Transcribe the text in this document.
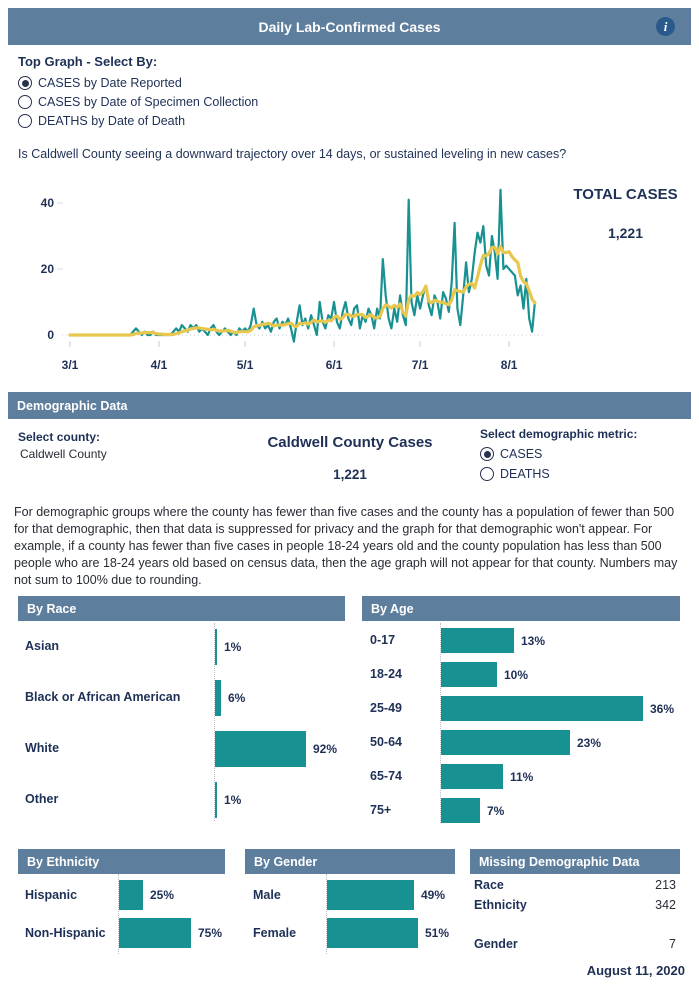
Daily Lab-Confirmed Cases	i
Top Graph - Select By:
CASES by Date Reported
CASES by Date of Specimen Collection
DEATHS by Date of Death
Is Caldwell County seeing a downward trajectory over 14 days, or sustained leveling in new cases?
0
20
40
3/1	4/1	5/1	6/1	7/1	8/1
TOTAL CASES
1,221
Demographic Data
Select county:
Caldwell County
Caldwell County Cases
1,221
Select demographic metric:
CASES
DEATHS
For demographic groups where the county has fewer than five cases and the county has a population of fewer than 500 for that demographic, then that data is suppressed for privacy and the graph for that demographic won't appear. For example, if a county has fewer than five cases in people 18-24 years old and the county population has less than 500 people who are 18-24 years old based on census data, then the age graph will not appear for that county. Numbers may not sum to 100% due to rounding.
By Race
Asian	1%
Black or African American	6%
White	92%
Other	1%
By Age
0-17	13%
18-24	10%
25-49	36%
50-64	23%
65-74	11%
75+	7%
By Ethnicity
Hispanic	25%
Non-Hispanic	75%
By Gender
Male	49%
Female	51%
Missing Demographic Data
Race	213
Ethnicity	342
Gender	7
August 11, 2020
